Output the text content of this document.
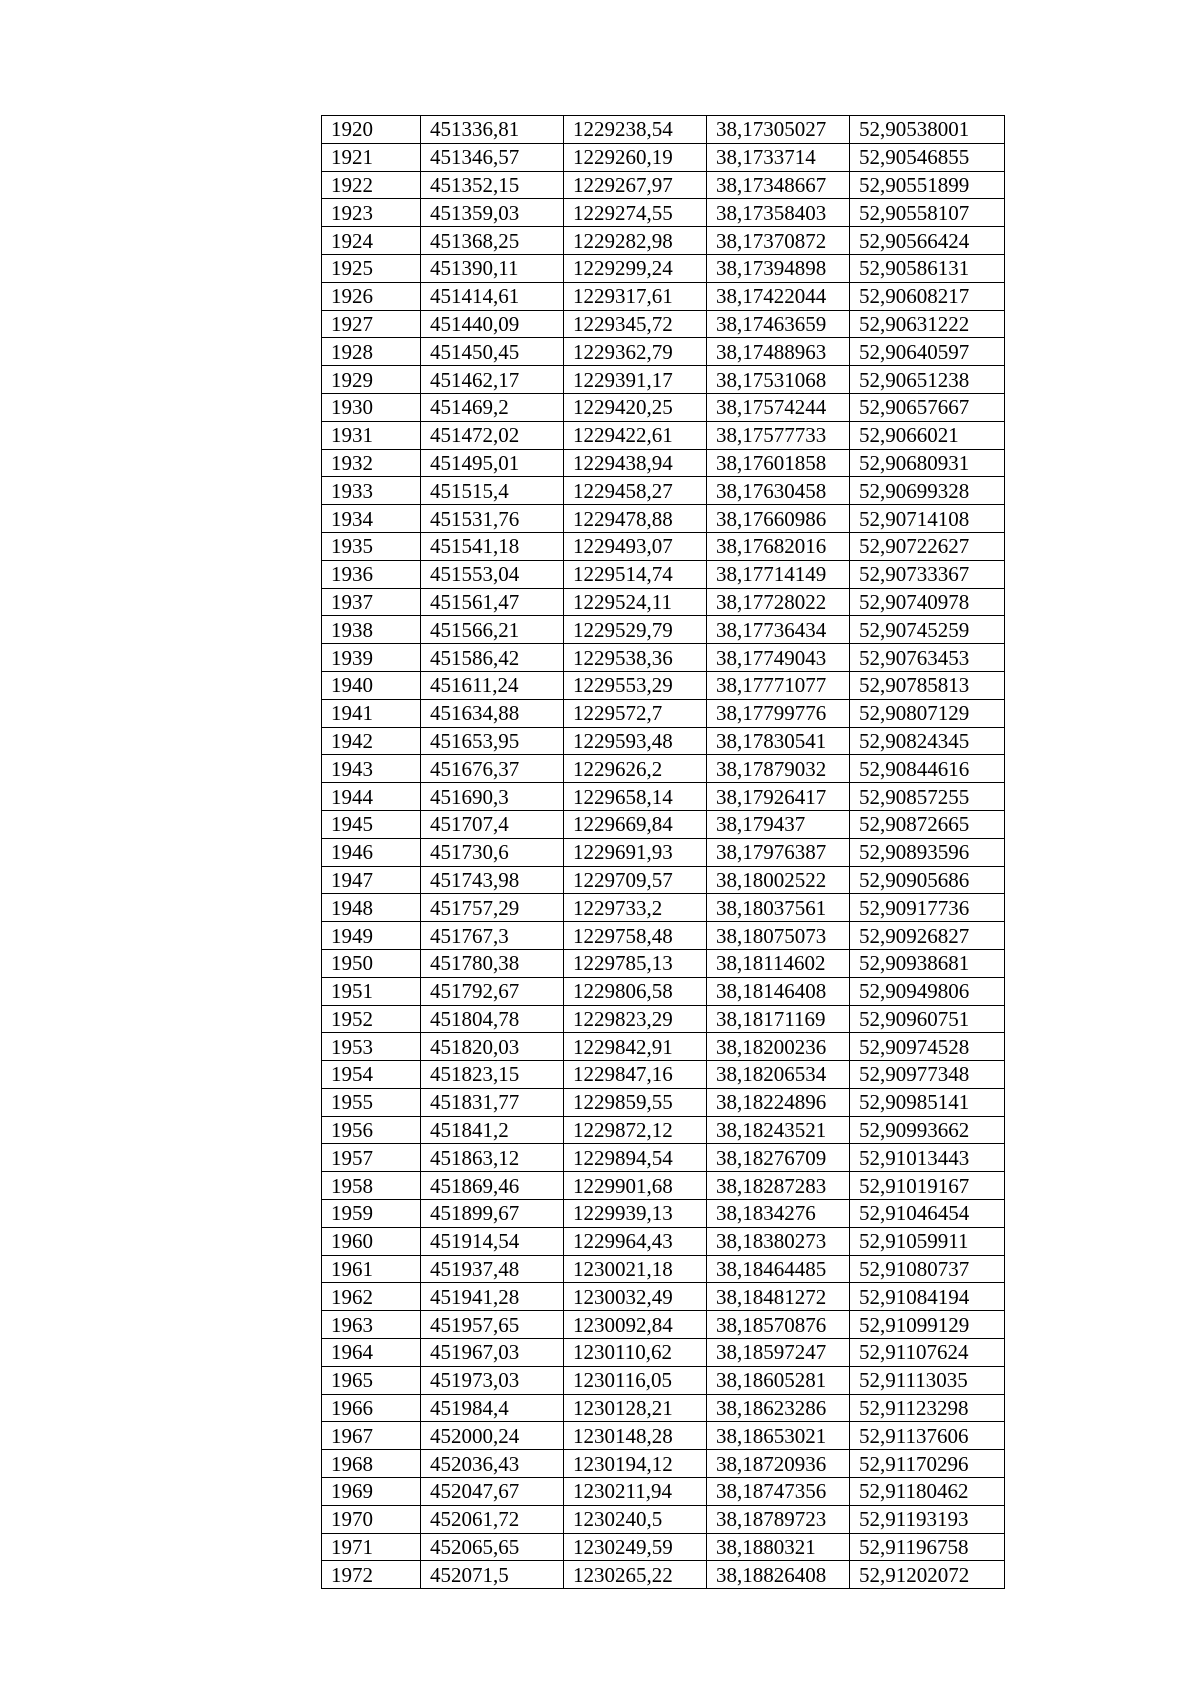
1920	451336,81	1229238,54	38,17305027	52,90538001
1921	451346,57	1229260,19	38,1733714	52,90546855
1922	451352,15	1229267,97	38,17348667	52,90551899
1923	451359,03	1229274,55	38,17358403	52,90558107
1924	451368,25	1229282,98	38,17370872	52,90566424
1925	451390,11	1229299,24	38,17394898	52,90586131
1926	451414,61	1229317,61	38,17422044	52,90608217
1927	451440,09	1229345,72	38,17463659	52,90631222
1928	451450,45	1229362,79	38,17488963	52,90640597
1929	451462,17	1229391,17	38,17531068	52,90651238
1930	451469,2	1229420,25	38,17574244	52,90657667
1931	451472,02	1229422,61	38,17577733	52,9066021
1932	451495,01	1229438,94	38,17601858	52,90680931
1933	451515,4	1229458,27	38,17630458	52,90699328
1934	451531,76	1229478,88	38,17660986	52,90714108
1935	451541,18	1229493,07	38,17682016	52,90722627
1936	451553,04	1229514,74	38,17714149	52,90733367
1937	451561,47	1229524,11	38,17728022	52,90740978
1938	451566,21	1229529,79	38,17736434	52,90745259
1939	451586,42	1229538,36	38,17749043	52,90763453
1940	451611,24	1229553,29	38,17771077	52,90785813
1941	451634,88	1229572,7	38,17799776	52,90807129
1942	451653,95	1229593,48	38,17830541	52,90824345
1943	451676,37	1229626,2	38,17879032	52,90844616
1944	451690,3	1229658,14	38,17926417	52,90857255
1945	451707,4	1229669,84	38,179437	52,90872665
1946	451730,6	1229691,93	38,17976387	52,90893596
1947	451743,98	1229709,57	38,18002522	52,90905686
1948	451757,29	1229733,2	38,18037561	52,90917736
1949	451767,3	1229758,48	38,18075073	52,90926827
1950	451780,38	1229785,13	38,18114602	52,90938681
1951	451792,67	1229806,58	38,18146408	52,90949806
1952	451804,78	1229823,29	38,18171169	52,90960751
1953	451820,03	1229842,91	38,18200236	52,90974528
1954	451823,15	1229847,16	38,18206534	52,90977348
1955	451831,77	1229859,55	38,18224896	52,90985141
1956	451841,2	1229872,12	38,18243521	52,90993662
1957	451863,12	1229894,54	38,18276709	52,91013443
1958	451869,46	1229901,68	38,18287283	52,91019167
1959	451899,67	1229939,13	38,1834276	52,91046454
1960	451914,54	1229964,43	38,18380273	52,91059911
1961	451937,48	1230021,18	38,18464485	52,91080737
1962	451941,28	1230032,49	38,18481272	52,91084194
1963	451957,65	1230092,84	38,18570876	52,91099129
1964	451967,03	1230110,62	38,18597247	52,91107624
1965	451973,03	1230116,05	38,18605281	52,91113035
1966	451984,4	1230128,21	38,18623286	52,91123298
1967	452000,24	1230148,28	38,18653021	52,91137606
1968	452036,43	1230194,12	38,18720936	52,91170296
1969	452047,67	1230211,94	38,18747356	52,91180462
1970	452061,72	1230240,5	38,18789723	52,91193193
1971	452065,65	1230249,59	38,1880321	52,91196758
1972	452071,5	1230265,22	38,18826408	52,91202072
